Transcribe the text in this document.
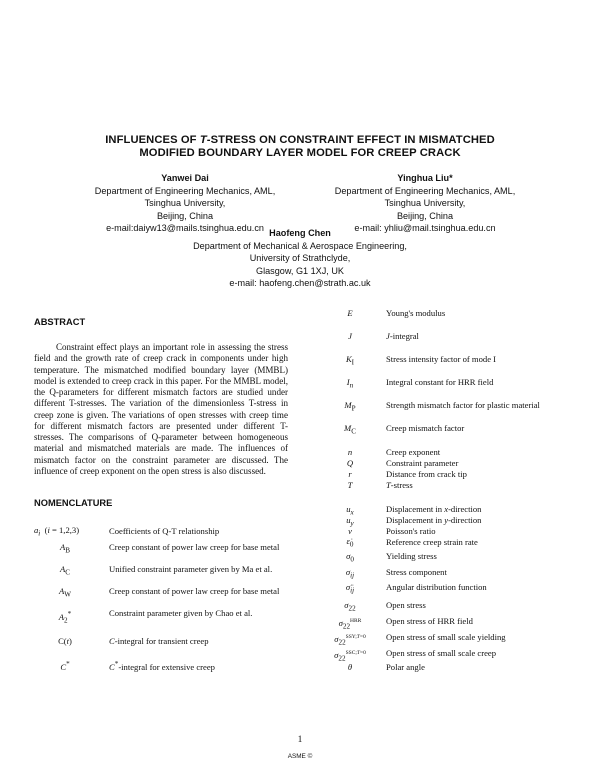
INFLUENCES OF T-STRESS ON CONSTRAINT EFFECT IN MISMATCHED
MODIFIED BOUNDARY LAYER MODEL FOR CREEP CRACK
Yanwei Dai
Department of Engineering Mechanics, AML,
Tsinghua University,
Beijing, China
e-mail:daiyw13@mails.tsinghua.edu.cn
Yinghua Liu*
Department of Engineering Mechanics, AML,
Tsinghua University,
Beijing, China
e-mail: yhliu@mail.tsinghua.edu.cn
Haofeng Chen
Department of Mechanical & Aerospace Engineering,
University of Strathclyde,
Glasgow, G1 1XJ, UK
e-mail: haofeng.chen@strath.ac.uk
ABSTRACT

Constraint effect plays an important role in assessing the stress field and the growth rate of creep crack in components under high temperature. The mismatched modified boundary layer (MMBL) model is extended to creep crack in this paper. For the MMBL model, the Q-parameters for different mismatch factors are studied under different T-stresses. The variation of the dimensionless T-stress in creep zone is given. The variations of open stresses with creep time for different mismatch factors are presented under different T-stresses. The comparisons of Q-parameter between homogeneous material and mismatched materials are made. The influences of mismatch factor on the constraint parameter are discussed. The influence of creep exponent on the open stress is also discussed.

NOMENCLATURE
$a_i$ (i = 1,2,3)	Coefficients of Q-T relationship
$A_B$	Creep constant of power law creep for base metal
$A_C$	Unified constraint parameter given by Ma et al.
$A_W$	Creep constant of power law creep for base metal
$A_2^*$	Constraint parameter given by Chao et al.
C(t)	C-integral for transient creep
C*	C*-integral for extensive creep
E	Young's modulus
J	J-integral
$K_I$	Stress intensity factor of mode I
$I_n$	Integral constant for HRR field
$M_P$	Strength mismatch factor for plastic material
$M_C$	Creep mismatch factor
n	Creep exponent
Q	Constraint parameter
r	Distance from crack tip
T	T-stress
$u_x$	Displacement in x-direction
$u_y$	Displacement in y-direction
v	Poisson's ratio
$\varepsiloṅ_0$	Reference creep strain rate
$\sigma_0$	Yielding stress
$\sigma_{ij}$	Stress component
$\sigmä_{ij}$	Angular distribution function
$\sigma_{22}$	Open stress
$\sigma_{22}^{HRR}$	Open stress of HRR field
$\sigma_{22}^{SSY;T=0}$	Open stress of small scale yielding
$\sigma_{22}^{SSC;T=0}$	Open stress of small scale creep
θ	Polar angle
1
ASME ©
